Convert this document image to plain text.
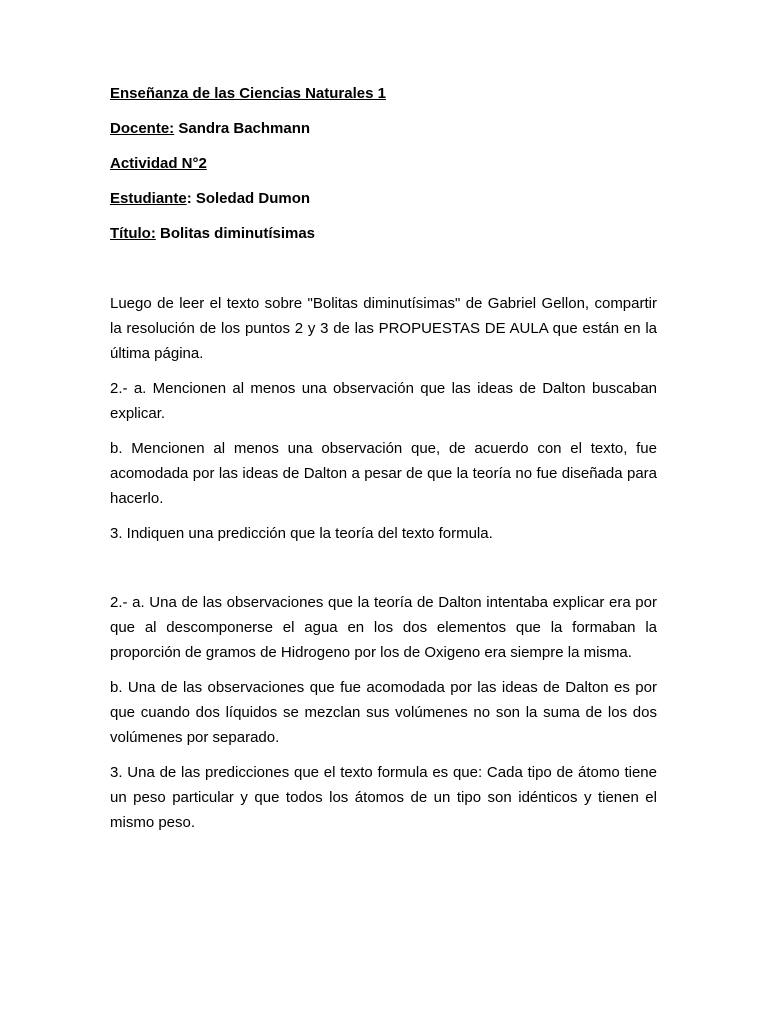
Enseñanza de las Ciencias Naturales 1
Docente: Sandra Bachmann
Actividad N°2
Estudiante: Soledad Dumon
Título: Bolitas diminutísimas

Luego de leer el texto sobre "Bolitas diminutísimas" de Gabriel Gellon, compartir la resolución de los puntos 2 y 3 de las PROPUESTAS DE AULA que están en la última página.

2.- a. Mencionen al menos una observación que las ideas de Dalton buscaban explicar.

b. Mencionen al menos una observación que, de acuerdo con el texto, fue acomodada por las ideas de Dalton a pesar de que la teoría no fue diseñada para hacerlo.

3. Indiquen una predicción que la teoría del texto formula.

2.- a. Una de las observaciones que la teoría de Dalton intentaba explicar era por que al descomponerse el agua en los dos elementos que la formaban la proporción de gramos de Hidrogeno por los de Oxigeno era siempre la misma.

b. Una de las observaciones que fue acomodada por las ideas de Dalton es por que cuando dos líquidos se mezclan sus volúmenes no son la suma de los dos volúmenes por separado.

3. Una de las predicciones que el texto formula es que: Cada tipo de átomo tiene un peso particular y que todos los átomos de un tipo son idénticos y tienen el mismo peso.
